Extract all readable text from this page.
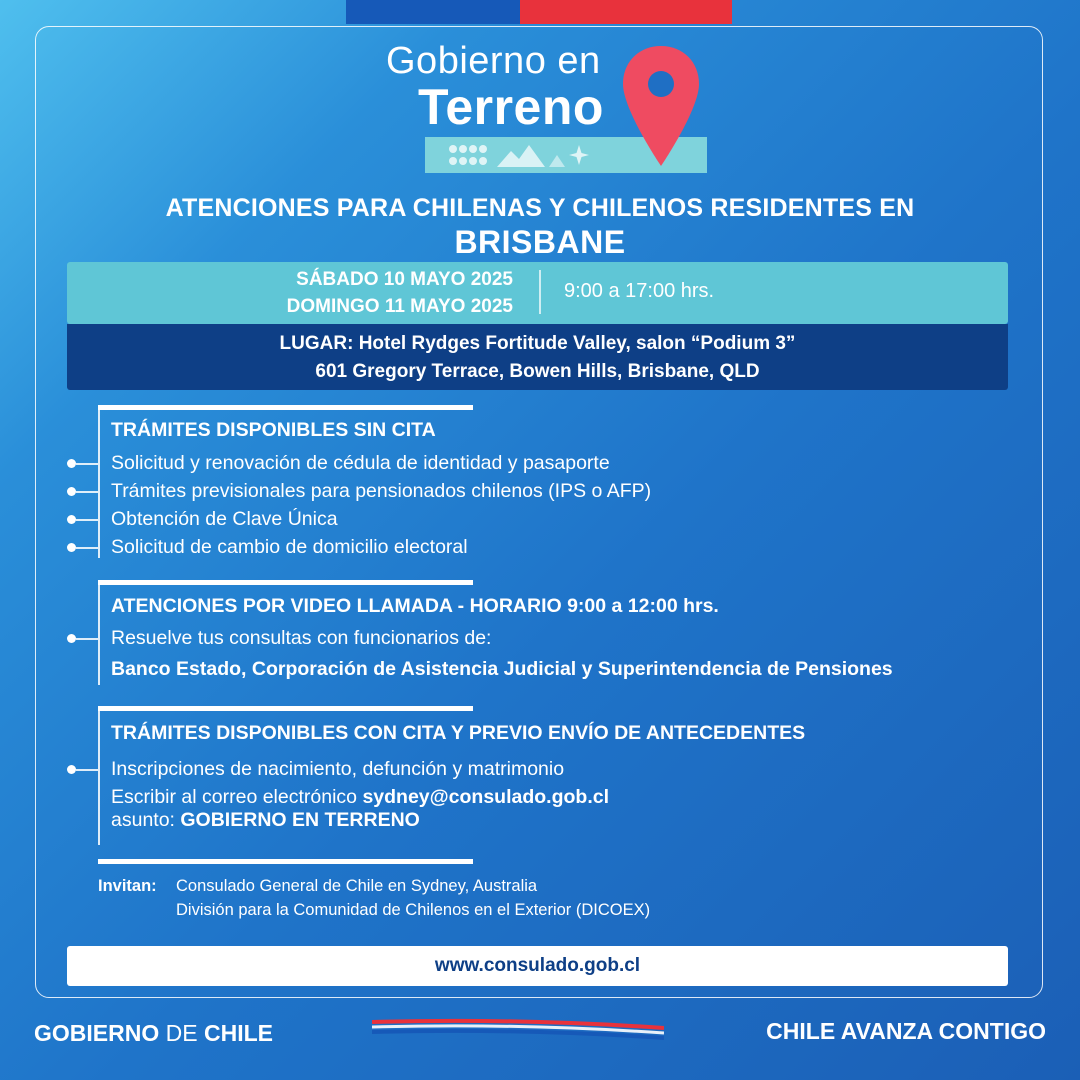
Gobierno en
Terreno
ATENCIONES PARA CHILENAS Y CHILENOS RESIDENTES EN
BRISBANE
SÁBADO 10 MAYO 2025
DOMINGO 11 MAYO 2025
9:00 a 17:00 hrs.
LUGAR: Hotel Rydges Fortitude Valley, salon “Podium 3”
601 Gregory Terrace, Bowen Hills, Brisbane, QLD
TRÁMITES DISPONIBLES SIN CITA
Solicitud y renovación de cédula de identidad y pasaporte
Trámites previsionales para pensionados chilenos (IPS o AFP)
Obtención de Clave Única
Solicitud de cambio de domicilio electoral
ATENCIONES POR VIDEO LLAMADA - HORARIO 9:00 a 12:00 hrs.
Resuelve tus consultas con funcionarios de:
Banco Estado, Corporación de Asistencia Judicial y Superintendencia de Pensiones
TRÁMITES DISPONIBLES CON CITA Y PREVIO ENVÍO DE ANTECEDENTES
Inscripciones de nacimiento, defunción y matrimonio
Escribir al correo electrónico sydney@consulado.gob.cl
asunto: GOBIERNO EN TERRENO
Invitan: Consulado General de Chile en Sydney, Australia
División para la Comunidad de Chilenos en el Exterior (DICOEX)
www.consulado.gob.cl
GOBIERNO DE CHILE	CHILE AVANZA CONTIGO
